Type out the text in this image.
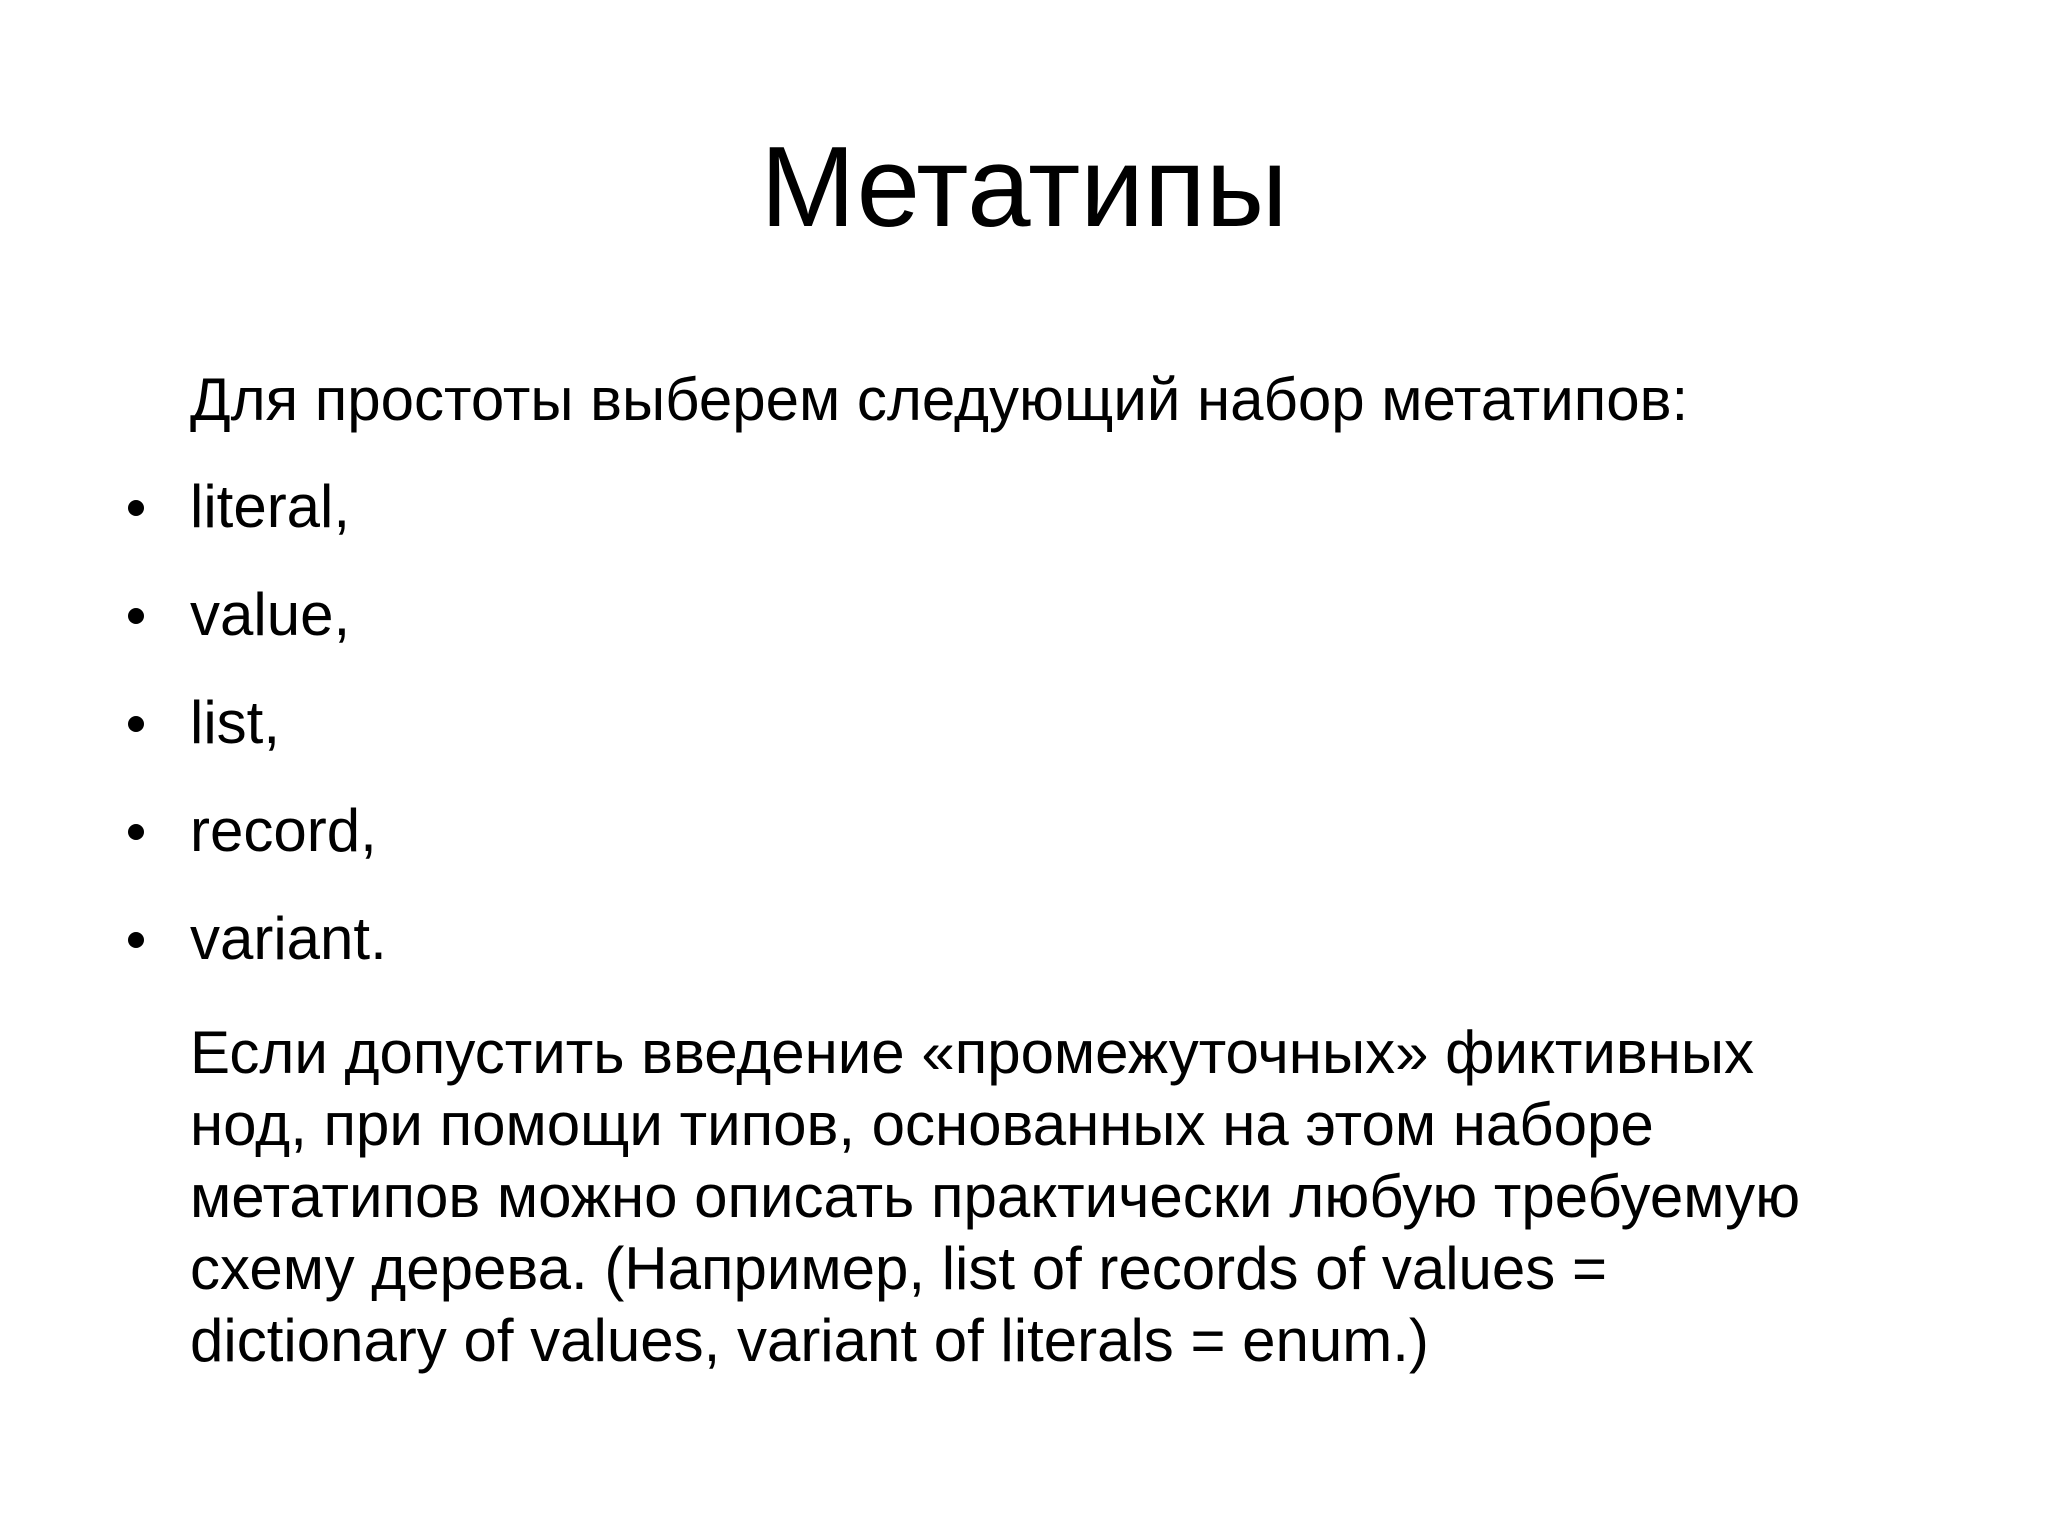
Метатипы
Для простоты выберем следующий набор метатипов:
literal,
value,
list,
record,
variant.
Если допустить введение «промежуточных» фиктивных
нод, при помощи типов, основанных на этом наборе
метатипов можно описать практически любую требуемую
схему дерева. (Например, list of records of values =
dictionary of values, variant of literals = enum.)
